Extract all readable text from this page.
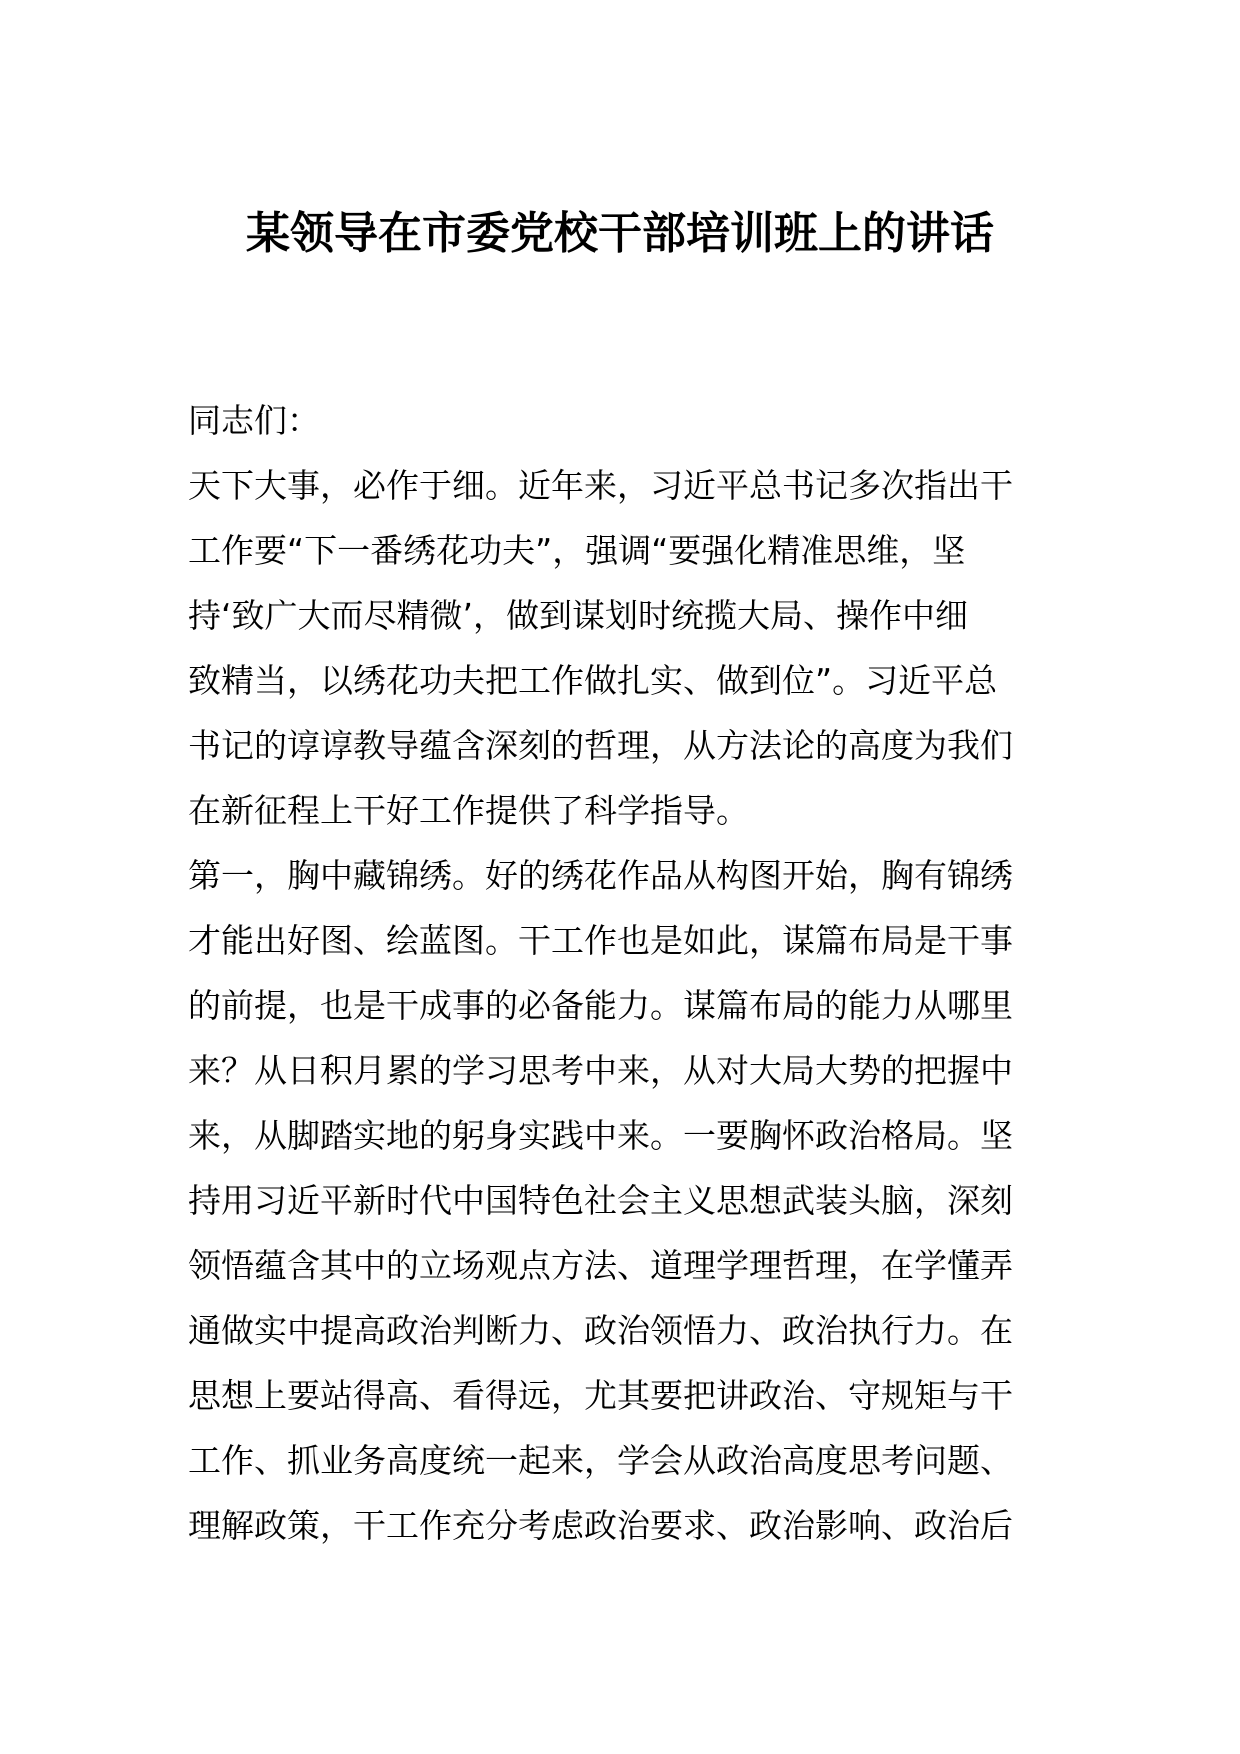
某领导在市委党校干部培训班上的讲话
同志们：
天下大事，必作于细。近年来，习近平总书记多次指出干
工作要“下一番绣花功夫”，强调“要强化精准思维，坚
持‘致广大而尽精微’，做到谋划时统揽大局、操作中细
致精当，以绣花功夫把工作做扎实、做到位”。习近平总
书记的谆谆教导蕴含深刻的哲理，从方法论的高度为我们
在新征程上干好工作提供了科学指导。
第一，胸中藏锦绣。好的绣花作品从构图开始，胸有锦绣
才能出好图、绘蓝图。干工作也是如此，谋篇布局是干事
的前提，也是干成事的必备能力。谋篇布局的能力从哪里
来？从日积月累的学习思考中来，从对大局大势的把握中
来，从脚踏实地的躬身实践中来。一要胸怀政治格局。坚
持用习近平新时代中国特色社会主义思想武装头脑，深刻
领悟蕴含其中的立场观点方法、道理学理哲理，在学懂弄
通做实中提高政治判断力、政治领悟力、政治执行力。在
思想上要站得高、看得远，尤其要把讲政治、守规矩与干
工作、抓业务高度统一起来，学会从政治高度思考问题、
理解政策，干工作充分考虑政治要求、政治影响、政治后
